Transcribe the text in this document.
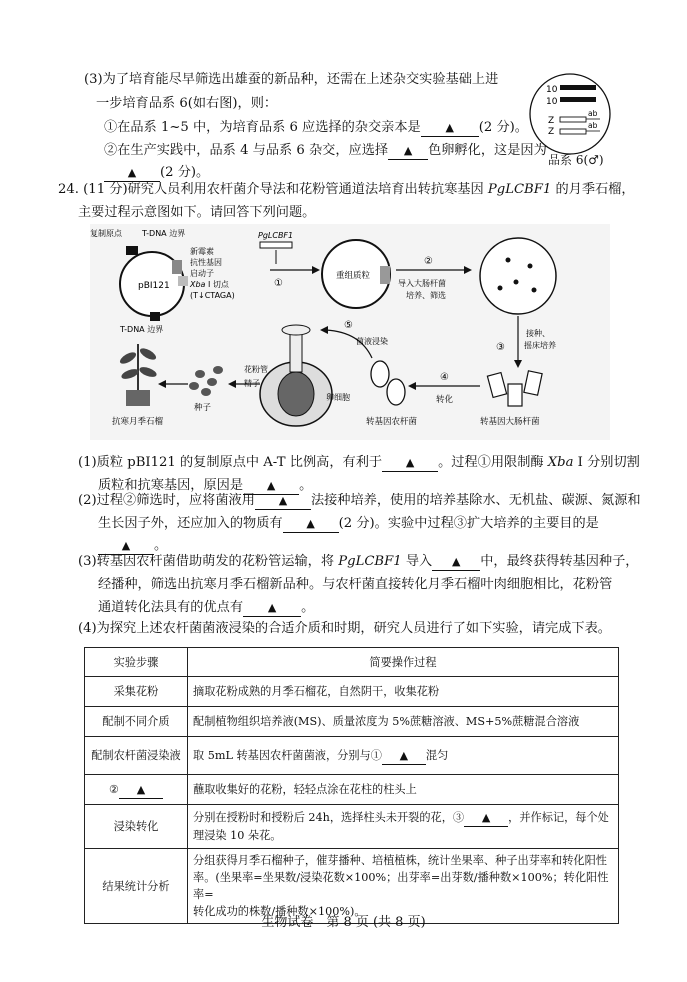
(3)为了培育能尽早筛选出雄蚕的新品种，还需在上述杂交实验基础上进
一步培育品系 6(如右图)，则：
①在品系 1~5 中，为培育品系 6 应选择的杂交亲本是 ▲ (2 分)。
②在生产实践中，品系 4 与品系 6 杂交，应选择 ▲ 色卵孵化，这是因为
▲ (2 分)。
10
10
Z
ab
Z
ab
品系 6(♂)
24. (11 分)研究人员利用农杆菌介导法和花粉管通道法培育出转抗寒基因 PgLCBF1 的月季石榴，
主要过程示意图如下。请回答下列问题。
pBI121
复制原点	T-DNA 边界
新霉素
抗性基因
启动子
Xba Ⅰ 切点
(T↓CTAGA)
T-DNA 边界
PgLCBF1
①
重组质粒
②
导入大肠杆菌
培养、筛选
③
接种、
摇床培养
转基因大肠杆菌
④
转化
转基因农杆菌
⑤
菌液浸染
花粉管
精子
卵细胞
种子
抗寒月季石榴
(1)质粒 pBI121 的复制原点中 A-T 比例高，有利于 ▲ 。过程①用限制酶 Xba Ⅰ 分别切割
质粒和抗寒基因，原因是 ▲ 。
(2)过程②筛选时，应将菌液用 ▲ 法接种培养，使用的培养基除水、无机盐、碳源、氮源和
生长因子外，还应加入的物质有 ▲ (2 分)。实验中过程③扩大培养的主要目的是
▲ 。
(3)转基因农杆菌借助萌发的花粉管运输，将 PgLCBF1 导入 ▲ 中，最终获得转基因种子，
经播种，筛选出抗寒月季石榴新品种。与农杆菌直接转化月季石榴叶肉细胞相比，花粉管
通道转化法具有的优点有 ▲ 。
(4)为探究上述农杆菌菌液浸染的合适介质和时期，研究人员进行了如下实验，请完成下表。
实验步骤	简要操作过程
采集花粉	摘取花粉成熟的月季石榴花，自然阴干，收集花粉
配制不同介质	配制植物组织培养液(MS)、质量浓度为 5%蔗糖溶液、MS+5%蔗糖混合溶液
配制农杆菌浸染液	取 5mL 转基因农杆菌菌液，分别与① ▲ 混匀
② ▲	蘸取收集好的花粉，轻轻点涂在花柱的柱头上
浸染转化	分别在授粉时和授粉后 24h，选择柱头未开裂的花，③ ▲ ，并作标记，每个处
理浸染 10 朵花。
结果统计分析	分组获得月季石榴种子，催芽播种、培植植株，统计坐果率、种子出芽率和转化阳性
率。(坐果率=坐果数/浸染花数×100%；出芽率=出芽数/播种数×100%；转化阳性率=
转化成功的株数/播种数×100%)。
生物试卷　第 8 页 (共 8 页)
